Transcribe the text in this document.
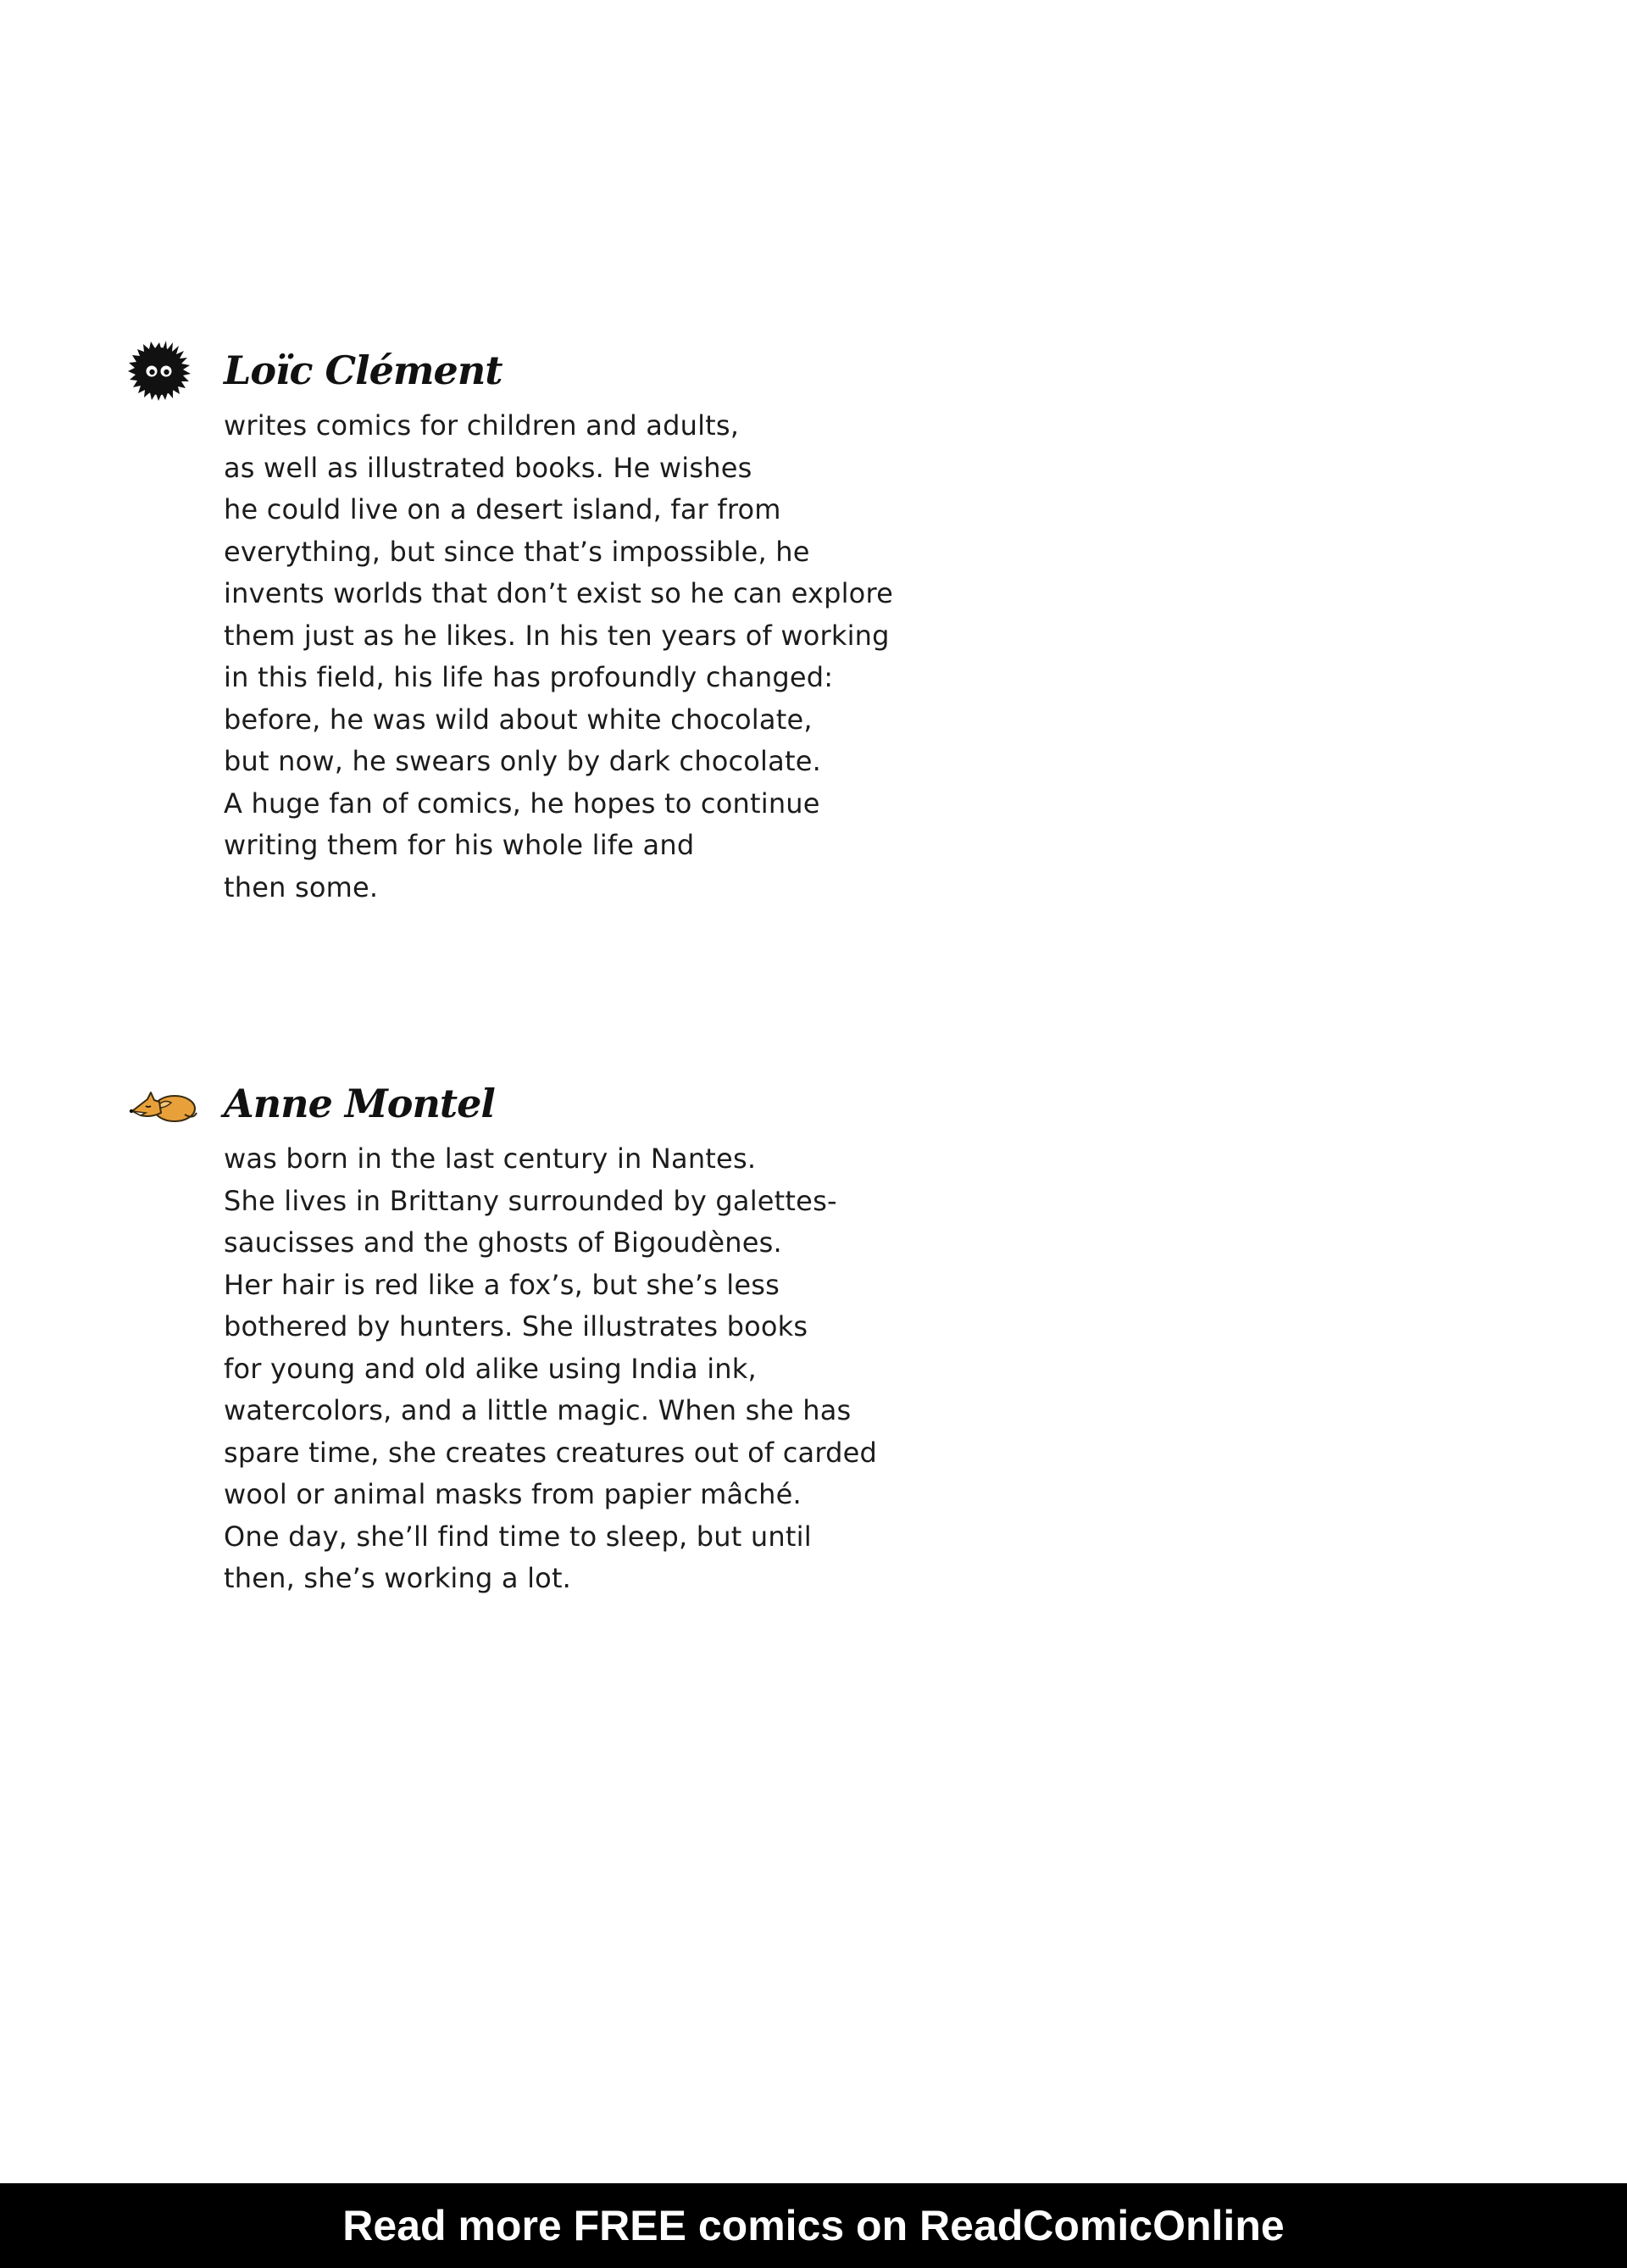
Loïc Clément
writes comics for children and adults,
as well as illustrated books. He wishes
he could live on a desert island, far from
everything, but since that’s impossible, he
invents worlds that don’t exist so he can explore
them just as he likes. In his ten years of working
in this field, his life has profoundly changed:
before, he was wild about white chocolate,
but now, he swears only by dark chocolate.
A huge fan of comics, he hopes to continue
writing them for his whole life and
then some.
Anne Montel
was born in the last century in Nantes.
She lives in Brittany surrounded by galettes-
saucisses and the ghosts of Bigoudènes.
Her hair is red like a fox’s, but she’s less
bothered by hunters. She illustrates books
for young and old alike using India ink,
watercolors, and a little magic. When she has
spare time, she creates creatures out of carded
wool or animal masks from papier mâché.
One day, she’ll find time to sleep, but until
then, she’s working a lot.
Read more FREE comics on ReadComicOnline
